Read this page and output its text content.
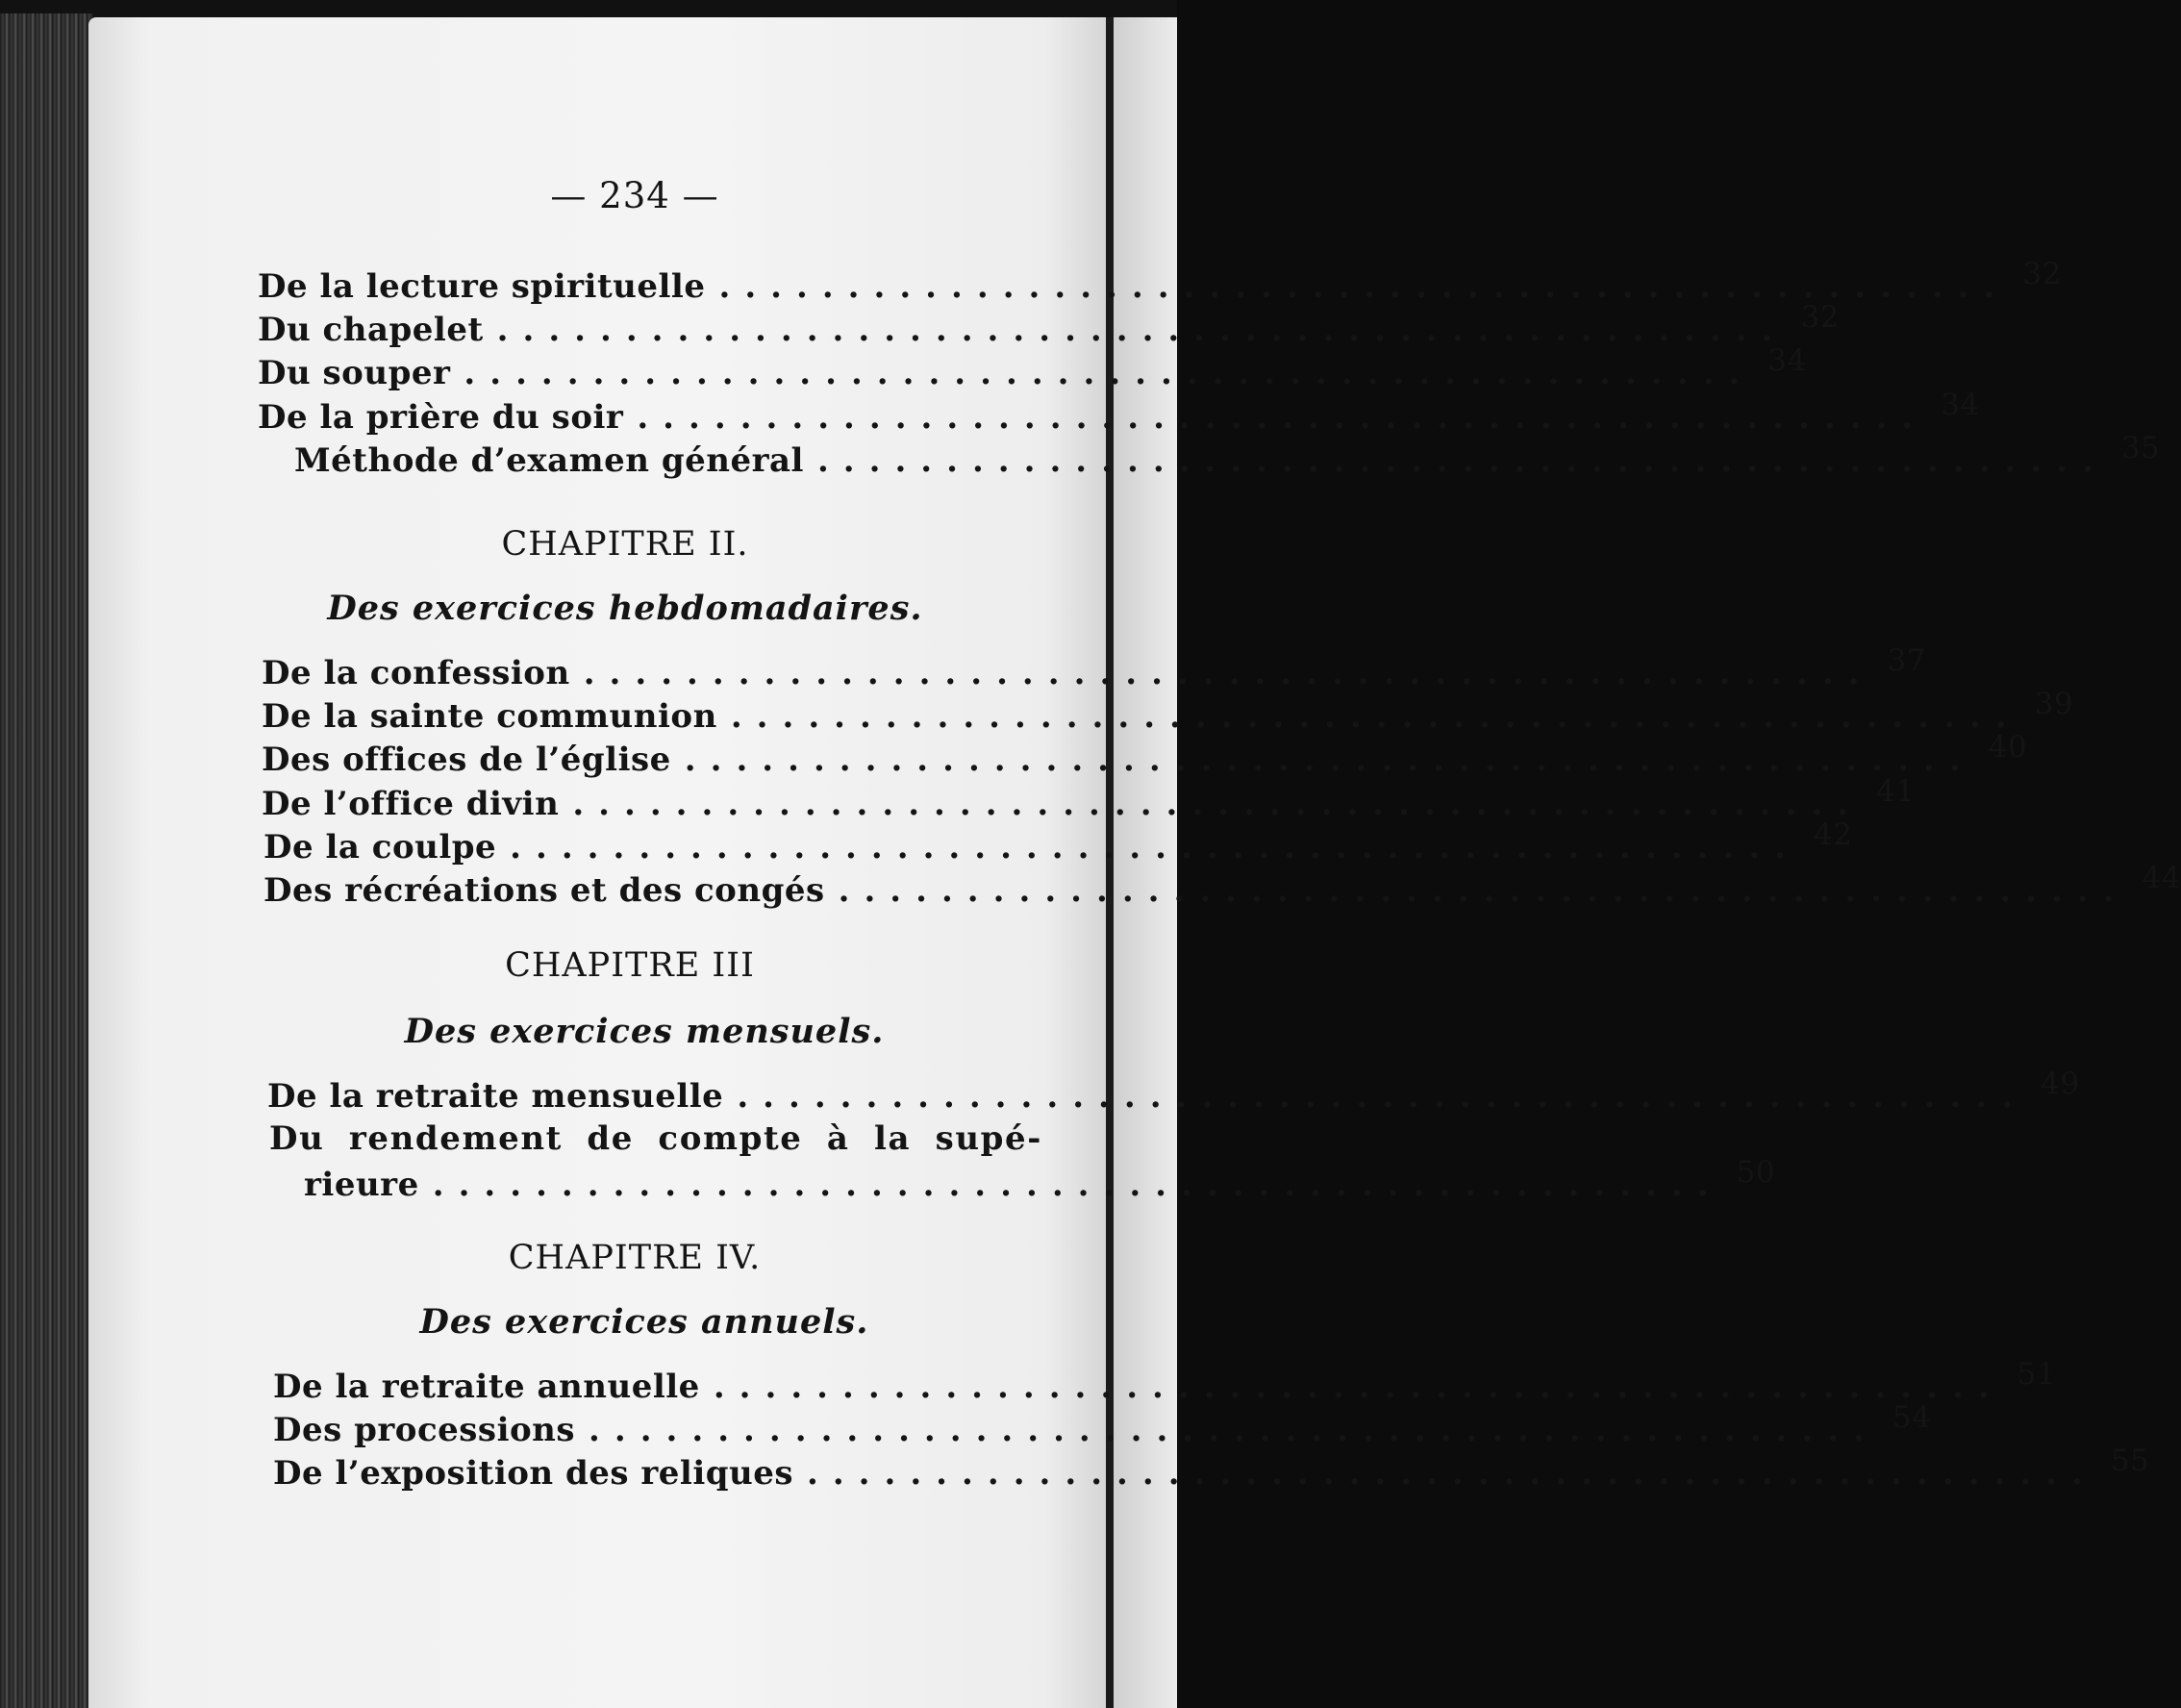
— 234 —
De la lecture spirituelle .................................................. 32
Du chapelet .................................................. 32
Du souper .................................................. 34
De la prière du soir .................................................. 34
Méthode d’examen général .................................................. 35
CHAPITRE II.
Des exercices hebdomadaires.
De la confession .................................................. 37
De la sainte communion .................................................. 39
Des offices de l’église .................................................. 40
De l’office divin .................................................. 41
De la coulpe .................................................. 42
Des récréations et des congés .................................................. 44
CHAPITRE III
Des exercices mensuels.
De la retraite mensuelle .................................................. 49
Du rendement de compte à la supé-
rieure .................................................. 50
CHAPITRE IV.
Des exercices annuels.
De la retraite annuelle .................................................. 51
Des processions .................................................. 54
De l’exposition des reliques .................................................. 55
